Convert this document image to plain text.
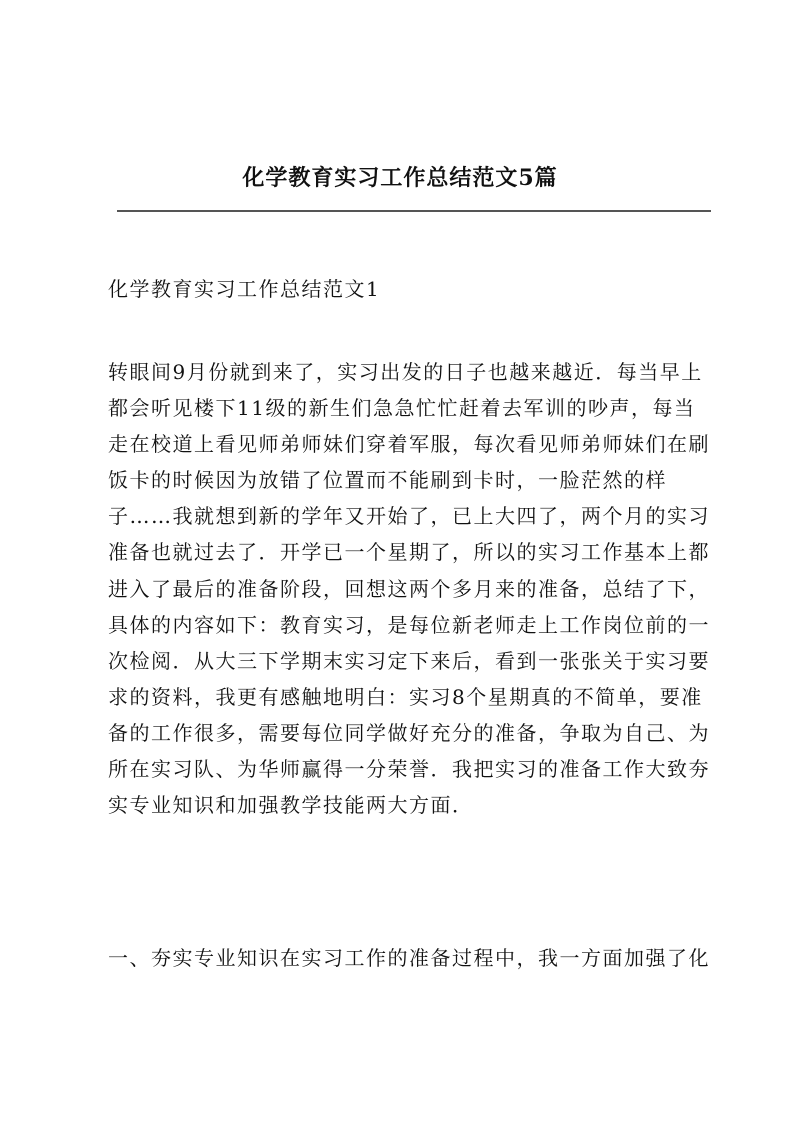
化学教育实习工作总结范文5篇
化学教育实习工作总结范文1
转眼间9月份就到来了，实习出发的日子也越来越近．每当早上
都会听见楼下11级的新生们急急忙忙赶着去军训的吵声，每当
走在校道上看见师弟师妹们穿着军服，每次看见师弟师妹们在刷
饭卡的时候因为放错了位置而不能刷到卡时，一脸茫然的样
子……我就想到新的学年又开始了，已上大四了，两个月的实习
准备也就过去了．开学已一个星期了，所以的实习工作基本上都
进入了最后的准备阶段，回想这两个多月来的准备，总结了下，
具体的内容如下：教育实习，是每位新老师走上工作岗位前的一
次检阅．从大三下学期末实习定下来后，看到一张张关于实习要
求的资料，我更有感触地明白：实习8个星期真的不简单，要准
备的工作很多，需要每位同学做好充分的准备，争取为自己、为
所在实习队、为华师赢得一分荣誉．我把实习的准备工作大致夯
实专业知识和加强教学技能两大方面．
一、夯实专业知识在实习工作的准备过程中，我一方面加强了化
